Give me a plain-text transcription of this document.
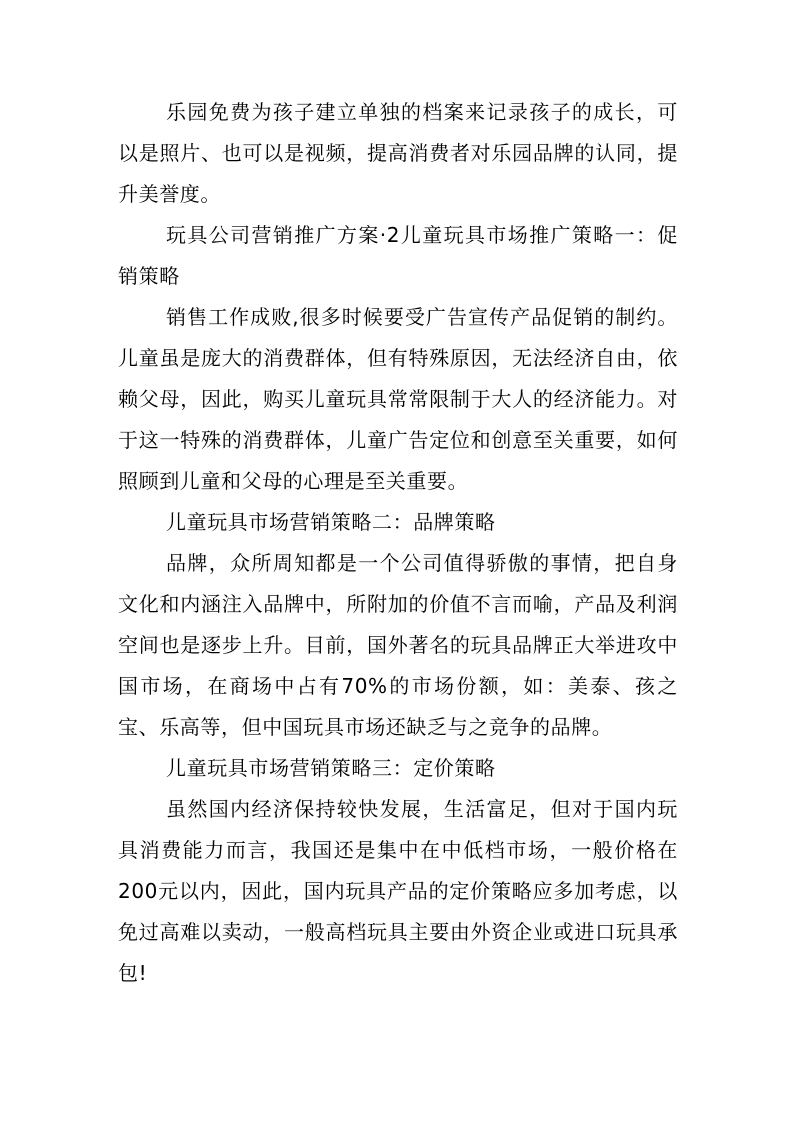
乐园免费为孩子建立单独的档案来记录孩子的成长，可以是照片、也可以是视频，提高消费者对乐园品牌的认同，提升美誉度。

玩具公司营销推广方案·2儿童玩具市场推广策略一：促销策略

销售工作成败,很多时候要受广告宣传产品促销的制约。儿童虽是庞大的消费群体，但有特殊原因，无法经济自由，依赖父母，因此，购买儿童玩具常常限制于大人的经济能力。对于这一特殊的消费群体，儿童广告定位和创意至关重要，如何照顾到儿童和父母的心理是至关重要。

儿童玩具市场营销策略二：品牌策略

品牌，众所周知都是一个公司值得骄傲的事情，把自身文化和内涵注入品牌中，所附加的价值不言而喻，产品及利润空间也是逐步上升。目前，国外著名的玩具品牌正大举进攻中国市场，在商场中占有70%的市场份额，如：美泰、孩之宝、乐高等，但中国玩具市场还缺乏与之竞争的品牌。

儿童玩具市场营销策略三：定价策略

虽然国内经济保持较快发展，生活富足，但对于国内玩具消费能力而言，我国还是集中在中低档市场，一般价格在200元以内，因此，国内玩具产品的定价策略应多加考虑，以免过高难以卖动，一般高档玩具主要由外资企业或进口玩具承包!
